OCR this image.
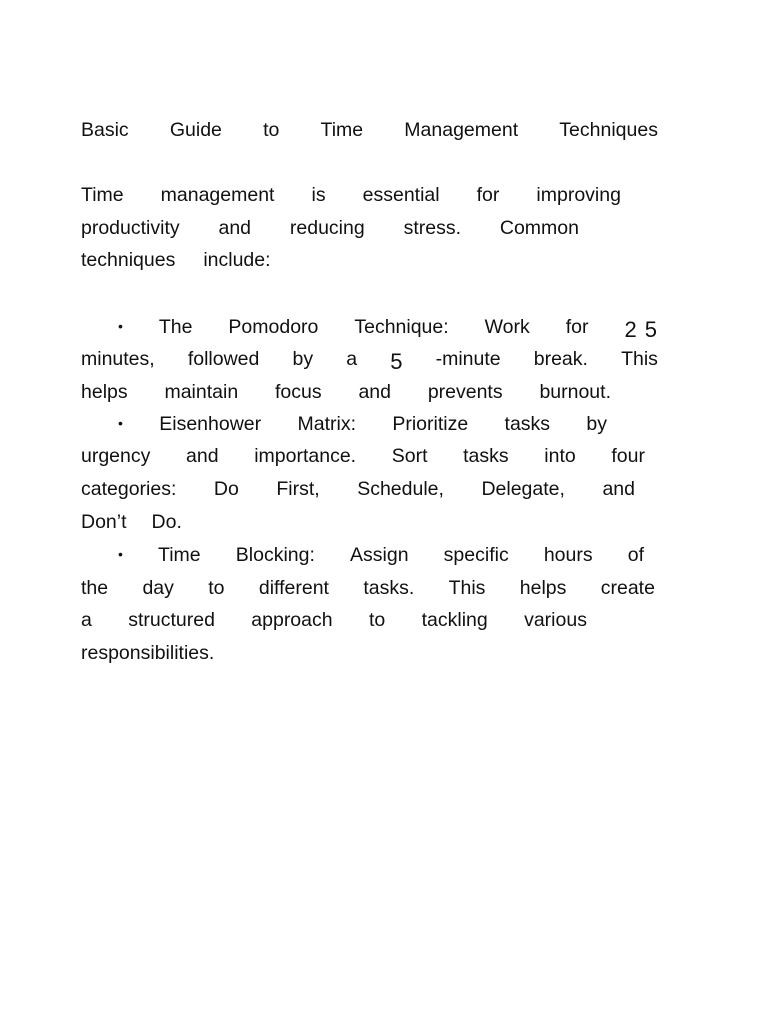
Basic Guide to Time Management Techniques
Time management is essential for improving
productivity and reducing stress. Common
techniques include:
• The Pomodoro Technique: Work for 25
minutes, followed by a 5 -minute break. This
helps maintain focus and prevents burnout.
• Eisenhower Matrix: Prioritize tasks by
urgency and importance. Sort tasks into four
categories: Do First, Schedule, Delegate, and
Don’t Do.
• Time Blocking: Assign specific hours of
the day to different tasks. This helps create
a structured approach to tackling various
responsibilities.
